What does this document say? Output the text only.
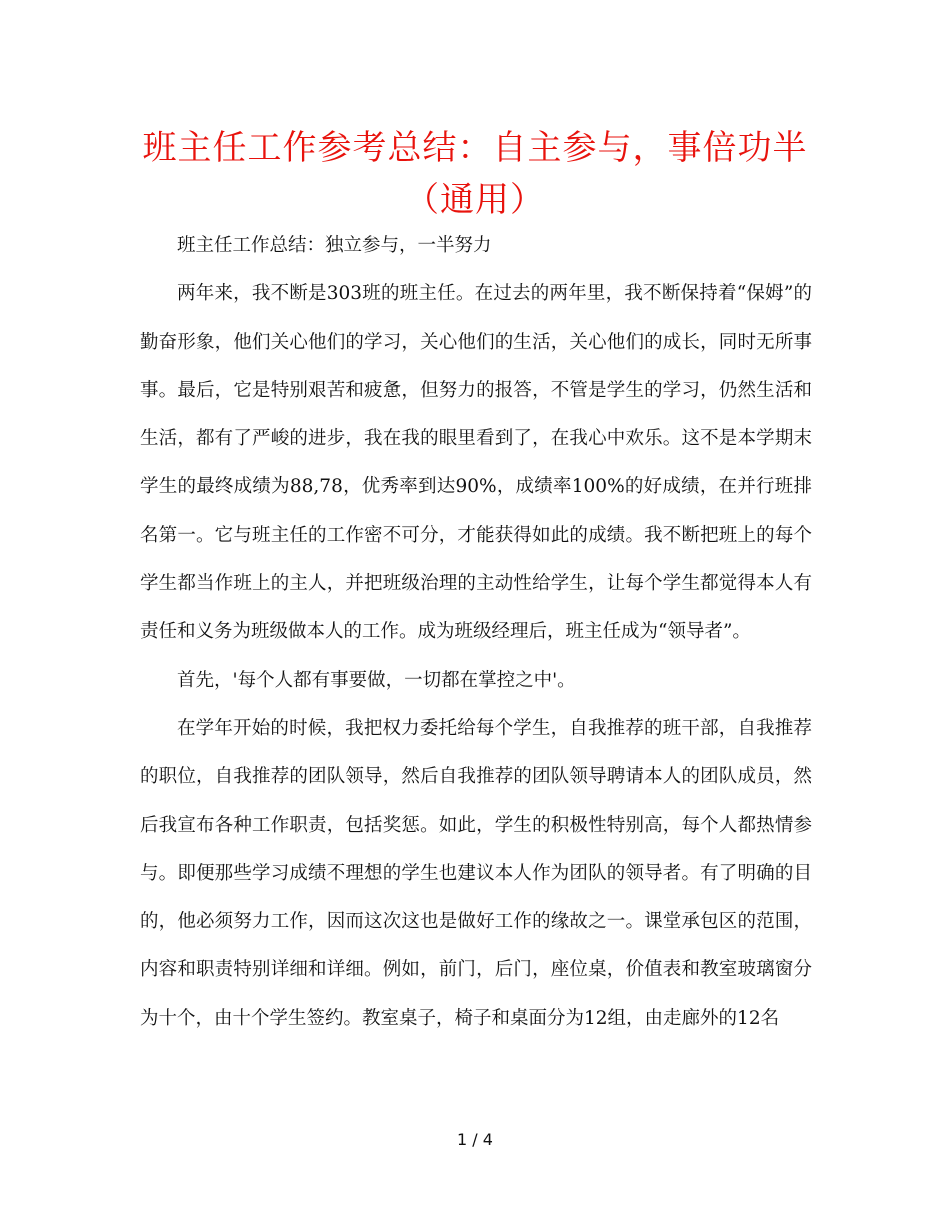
班主任工作参考总结：自主参与，事倍功半（通用）

班主任工作总结：独立参与，一半努力

两年来，我不断是303班的班主任。在过去的两年里，我不断保持着“保姆”的勤奋形象，他们关心他们的学习，关心他们的生活，关心他们的成长，同时无所事事。最后，它是特别艰苦和疲惫，但努力的报答，不管是学生的学习，仍然生活和生活，都有了严峻的进步，我在我的眼里看到了，在我心中欢乐。这不是本学期末学生的最终成绩为88,78，优秀率到达90%，成绩率100%的好成绩，在并行班排名第一。它与班主任的工作密不可分，才能获得如此的成绩。我不断把班上的每个学生都当作班上的主人，并把班级治理的主动性给学生，让每个学生都觉得本人有责任和义务为班级做本人的工作。成为班级经理后，班主任成为“领导者”。

首先，'每个人都有事要做，一切都在掌控之中'。

在学年开始的时候，我把权力委托给每个学生，自我推荐的班干部，自我推荐的职位，自我推荐的团队领导，然后自我推荐的团队领导聘请本人的团队成员，然后我宣布各种工作职责，包括奖惩。如此，学生的积极性特别高，每个人都热情参与。即便那些学习成绩不理想的学生也建议本人作为团队的领导者。有了明确的目的，他必须努力工作，因而这次这也是做好工作的缘故之一。课堂承包区的范围，内容和职责特别详细和详细。例如，前门，后门，座位桌，价值表和教室玻璃窗分为十个，由十个学生签约。教室桌子，椅子和桌面分为12组，由走廊外的12名

1 / 4
